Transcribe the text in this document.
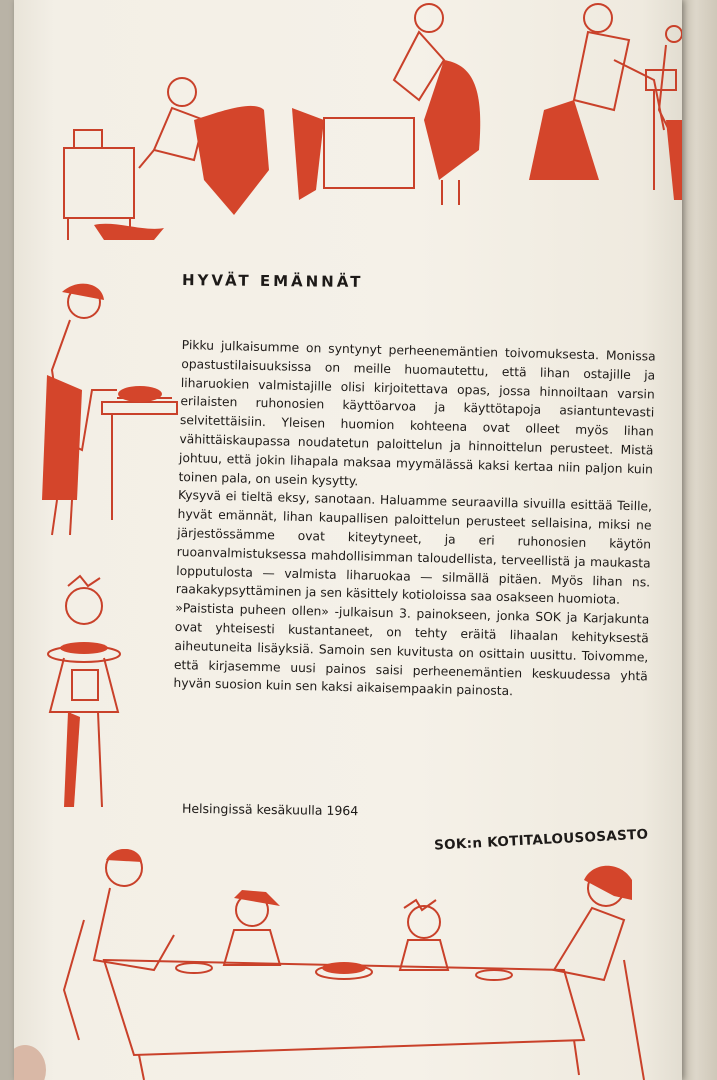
HYVÄT EMÄNNÄT

Pikku julkaisumme on syntynyt perheenemäntien toivomuksesta. Monissa opastustilaisuuksissa on meille huomautettu, että lihan ostajille ja liharuokien valmistajille olisi kirjoitettava opas, jossa hinnoiltaan varsin erilaisten ruhonosien käyttöarvoa ja käyttötapoja asiantuntevasti selvitettäisiin. Yleisen huomion kohteena ovat olleet myös lihan vähittäiskaupassa noudatetun paloittelun ja hinnoittelun perusteet. Mistä johtuu, että jokin lihapala maksaa myymälässä kaksi kertaa niin paljon kuin toinen pala, on usein kysytty.

Kysyvä ei tieltä eksy, sanotaan. Haluamme seuraavilla sivuilla esittää Teille, hyvät emännät, lihan kaupallisen paloittelun perusteet sellaisina, miksi ne järjestössämme ovat kiteytyneet, ja eri ruhonosien käytön ruoanvalmistuksessa mahdollisimman taloudellista, terveellistä ja maukasta lopputulosta — valmista liharuokaa — silmällä pitäen. Myös lihan ns. raakakypsyttäminen ja sen käsittely kotioloissa saa osakseen huomiota.

»Paistista puheen ollen» -julkaisun 3. painokseen, jonka SOK ja Karjakunta ovat yhteisesti kustantaneet, on tehty eräitä lihaalan kehityksestä aiheutuneita lisäyksiä. Samoin sen kuvitusta on osittain uusittu. Toivomme, että kirjasemme uusi painos saisi perheenemäntien keskuudessa yhtä hyvän suosion kuin sen kaksi aikaisempaakin painosta.

Helsingissä kesäkuulla 1964
SOK:n KOTITALOUSOSASTO
